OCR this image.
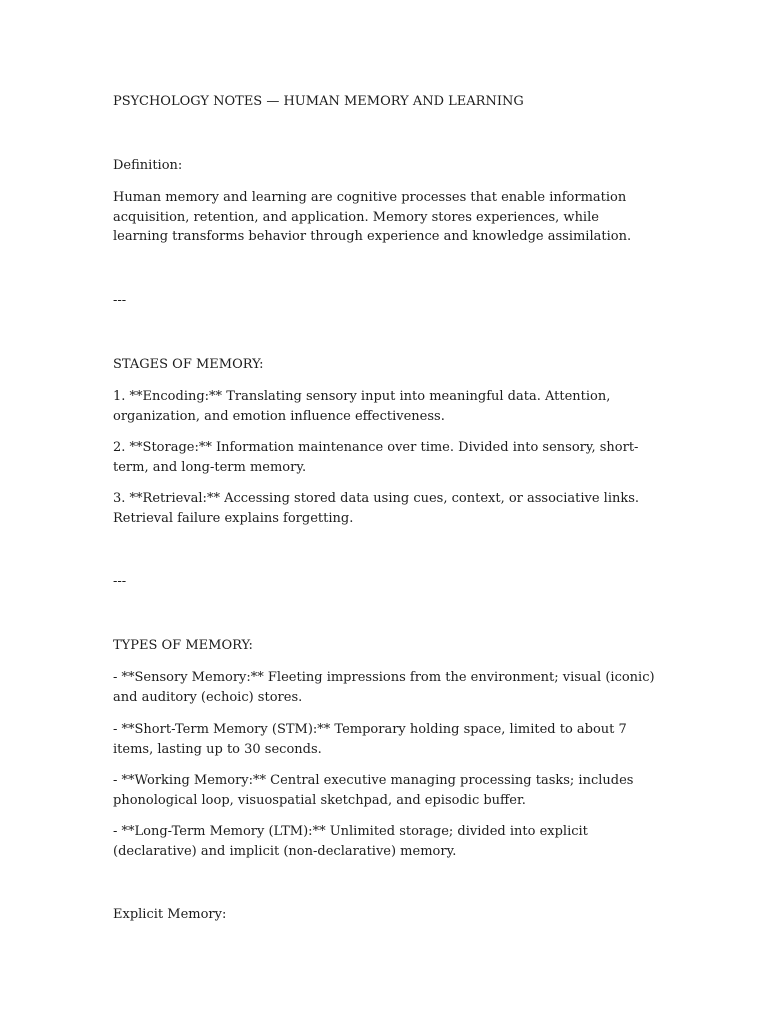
PSYCHOLOGY NOTES — HUMAN MEMORY AND LEARNING
Definition:
Human memory and learning are cognitive processes that enable information acquisition, retention, and application. Memory stores experiences, while learning transforms behavior through experience and knowledge assimilation.
---
STAGES OF MEMORY:
1. **Encoding:** Translating sensory input into meaningful data. Attention, organization, and emotion influence effectiveness.
2. **Storage:** Information maintenance over time. Divided into sensory, short-term, and long-term memory.
3. **Retrieval:** Accessing stored data using cues, context, or associative links. Retrieval failure explains forgetting.
---
TYPES OF MEMORY:
- **Sensory Memory:** Fleeting impressions from the environment; visual (iconic) and auditory (echoic) stores.
- **Short-Term Memory (STM):** Temporary holding space, limited to about 7 items, lasting up to 30 seconds.
- **Working Memory:** Central executive managing processing tasks; includes phonological loop, visuospatial sketchpad, and episodic buffer.
- **Long-Term Memory (LTM):** Unlimited storage; divided into explicit (declarative) and implicit (non-declarative) memory.
Explicit Memory:
